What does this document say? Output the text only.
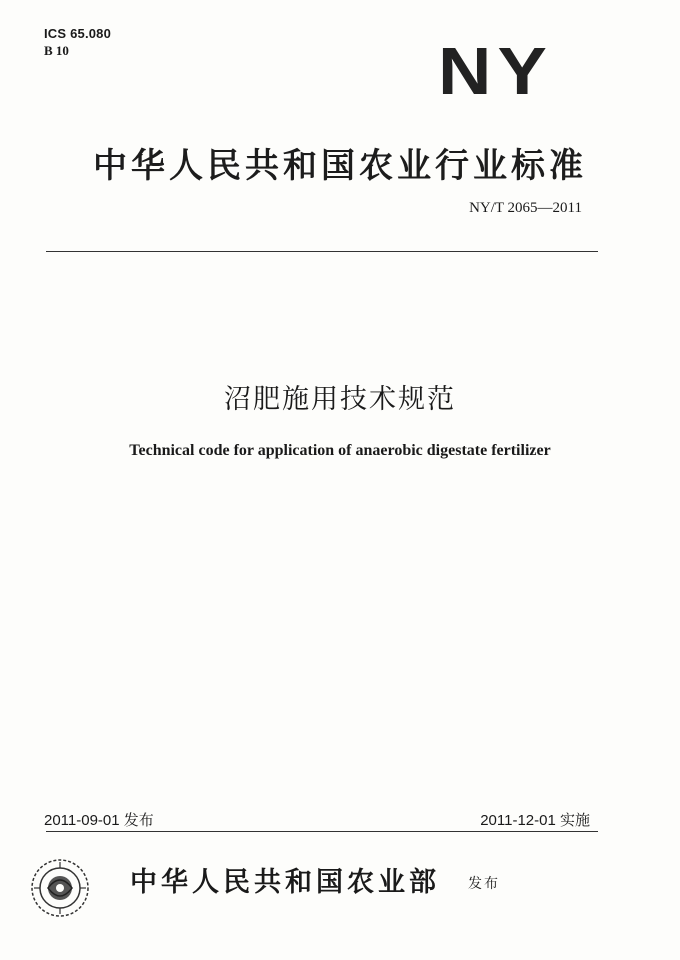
ICS 65.080
B 10	NY
中华人民共和国农业行业标准
NY/T 2065—2011
沼肥施用技术规范
Technical code for application of anaerobic digestate fertilizer
2011-09-01 发布	2011-12-01 实施
中华人民共和国农业部 发布
